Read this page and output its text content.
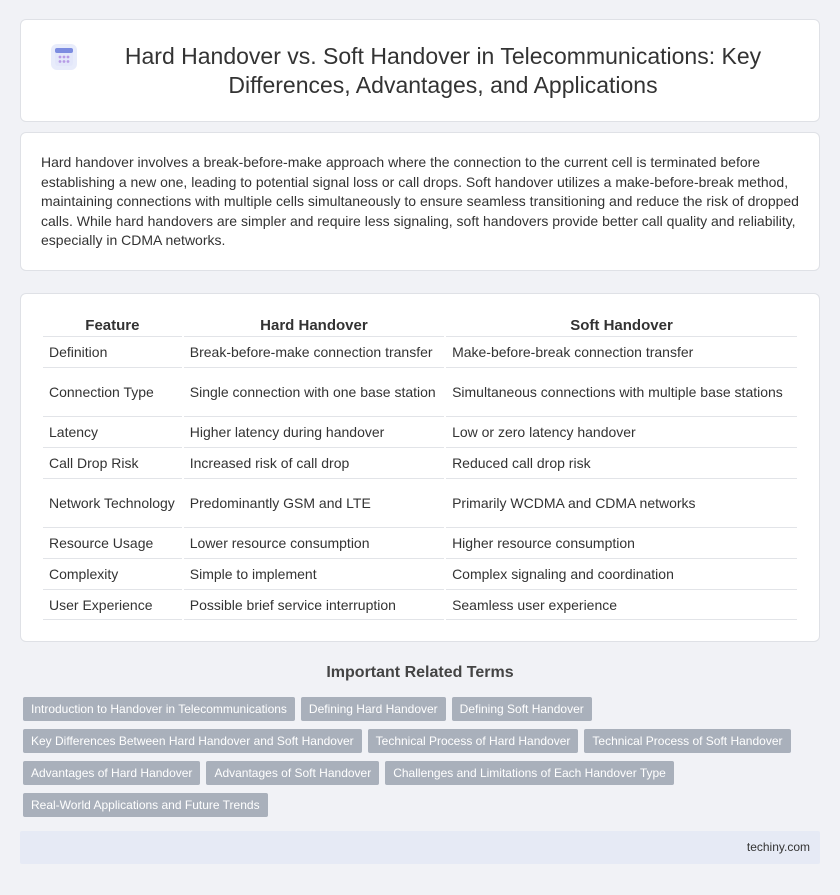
Hard Handover vs. Soft Handover in Telecommunications: Key Differences, Advantages, and Applications

Hard handover involves a break-before-make approach where the connection to the current cell is terminated before establishing a new one, leading to potential signal loss or call drops. Soft handover utilizes a make-before-break method, maintaining connections with multiple cells simultaneously to ensure seamless transitioning and reduce the risk of dropped calls. While hard handovers are simpler and require less signaling, soft handovers provide better call quality and reliability, especially in CDMA networks.

Feature	Hard Handover	Soft Handover
Definition	Break-before-make connection transfer	Make-before-break connection transfer
Connection Type	Single connection with one base station	Simultaneous connections with multiple base stations
Latency	Higher latency during handover	Low or zero latency handover
Call Drop Risk	Increased risk of call drop	Reduced call drop risk
Network Technology	Predominantly GSM and LTE	Primarily WCDMA and CDMA networks
Resource Usage	Lower resource consumption	Higher resource consumption
Complexity	Simple to implement	Complex signaling and coordination
User Experience	Possible brief service interruption	Seamless user experience
Important Related Terms
Introduction to Handover in Telecommunications	Defining Hard Handover	Defining Soft Handover
Key Differences Between Hard Handover and Soft Handover	Technical Process of Hard Handover	Technical Process of Soft Handover
Advantages of Hard Handover	Advantages of Soft Handover	Challenges and Limitations of Each Handover Type
Real-World Applications and Future Trends
techiny.com
